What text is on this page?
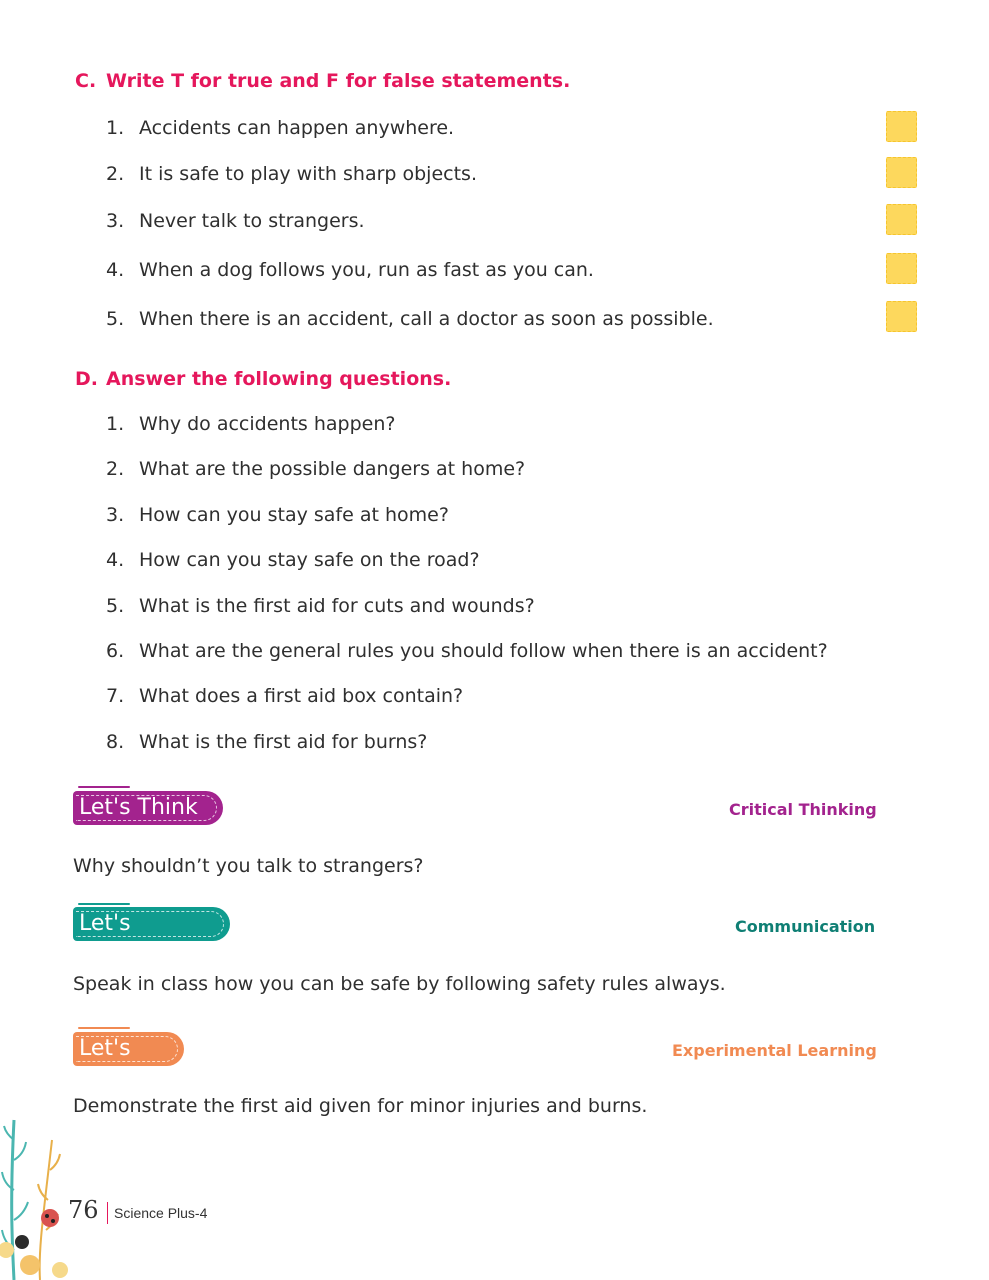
C. Write T for true and F for false statements.
1. Accidents can happen anywhere.
2. It is safe to play with sharp objects.
3. Never talk to strangers.
4. When a dog follows you, run as fast as you can.
5. When there is an accident, call a doctor as soon as possible.
D. Answer the following questions.
1. Why do accidents happen?
2. What are the possible dangers at home?
3. How can you stay safe at home?
4. How can you stay safe on the road?
5. What is the first aid for cuts and wounds?
6. What are the general rules you should follow when there is an accident?
7. What does a first aid box contain?
8. What is the first aid for burns?
Let's Think	Critical Thinking
Why shouldn’t you talk to strangers?
Let's Discuss
Communication
Speak in class how you can be safe by following safety rules always.
Let's Do
Experimental Learning
Demonstrate the first aid given for minor injuries and burns.
76 Science Plus-4
